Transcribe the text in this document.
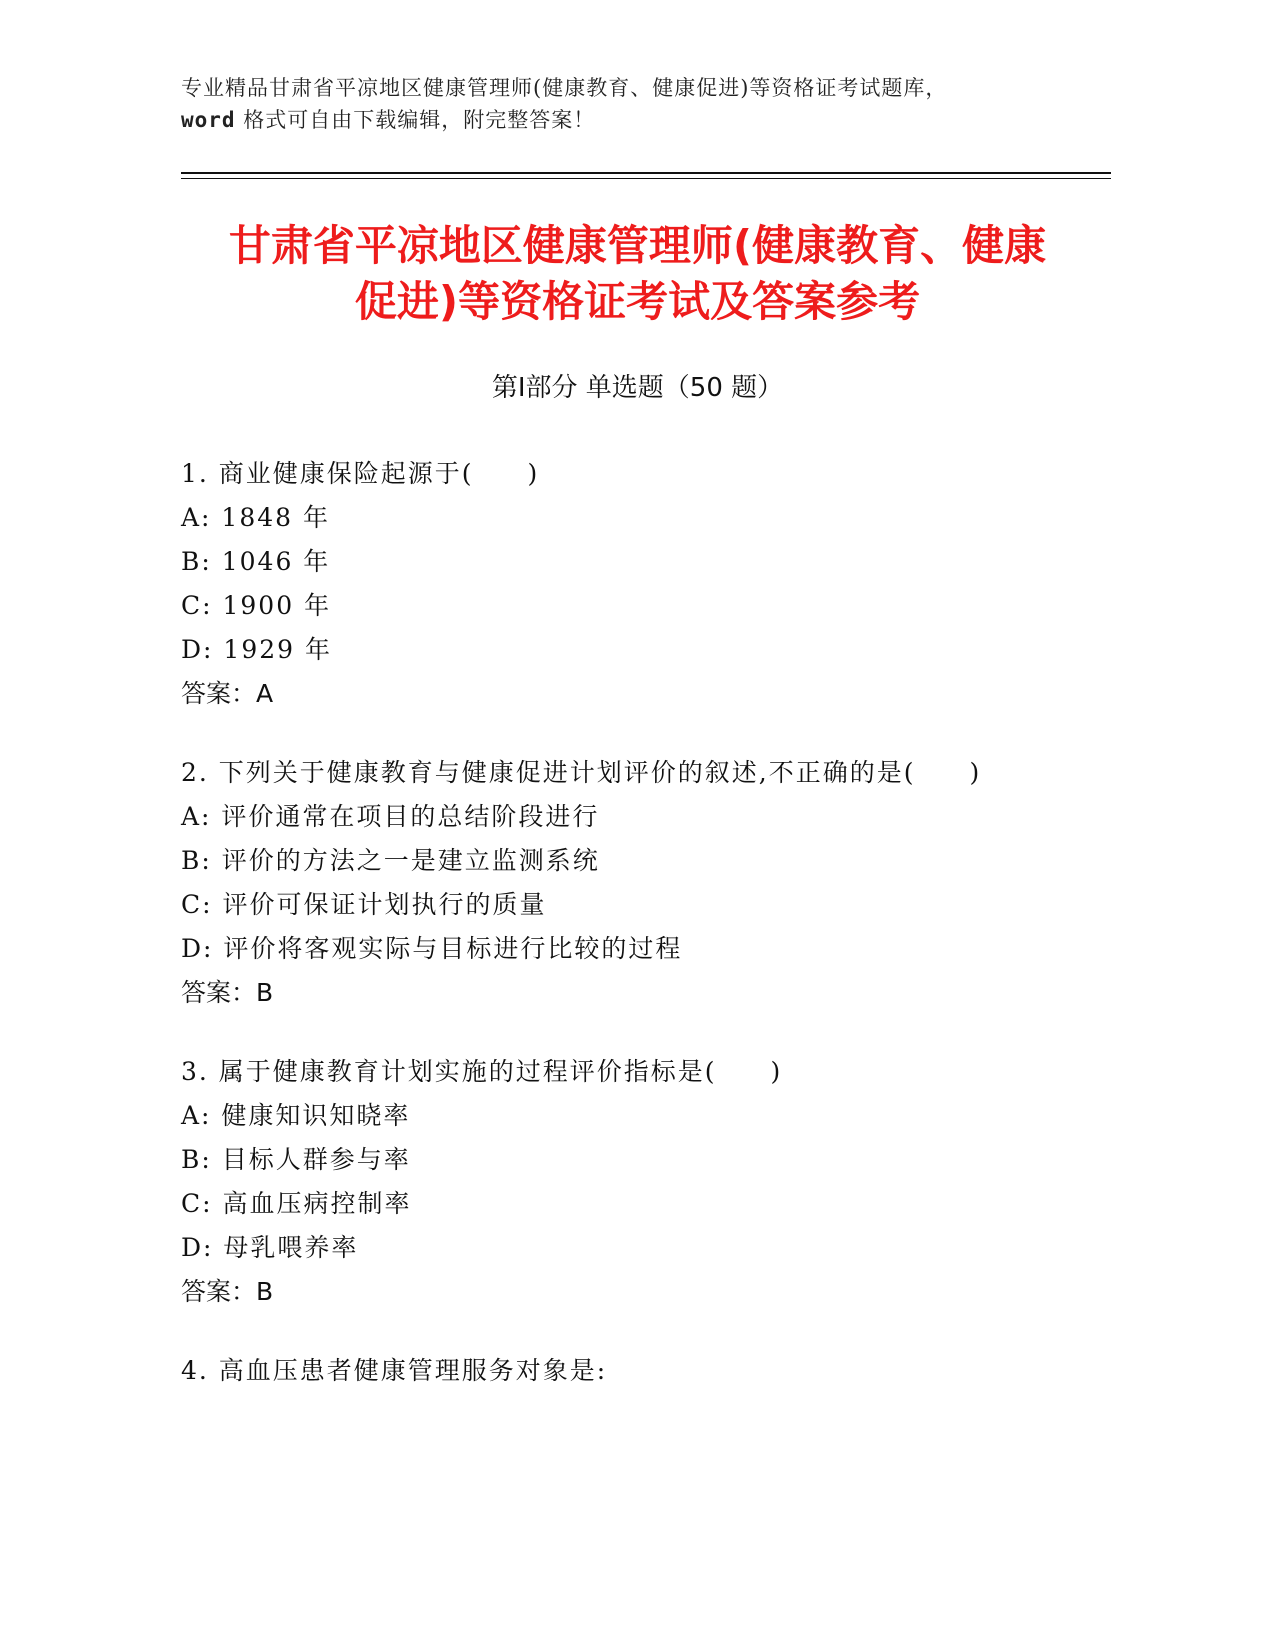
专业精品甘肃省平凉地区健康管理师(健康教育、健康促进)等资格证考试题库，
word 格式可自由下载编辑，附完整答案！
甘肃省平凉地区健康管理师(健康教育、健康
促进)等资格证考试及答案参考
第Ⅰ部分 单选题（50 题）
1. 商业健康保险起源于(　　)
A: 1848 年
B: 1046 年
C: 1900 年
D: 1929 年
答案：A
2. 下列关于健康教育与健康促进计划评价的叙述,不正确的是(　　)
A: 评价通常在项目的总结阶段进行
B: 评价的方法之一是建立监测系统
C: 评价可保证计划执行的质量
D: 评价将客观实际与目标进行比较的过程
答案：B
3. 属于健康教育计划实施的过程评价指标是(　　)
A: 健康知识知晓率
B: 目标人群参与率
C: 高血压病控制率
D: 母乳喂养率
答案：B
4. 高血压患者健康管理服务对象是:
